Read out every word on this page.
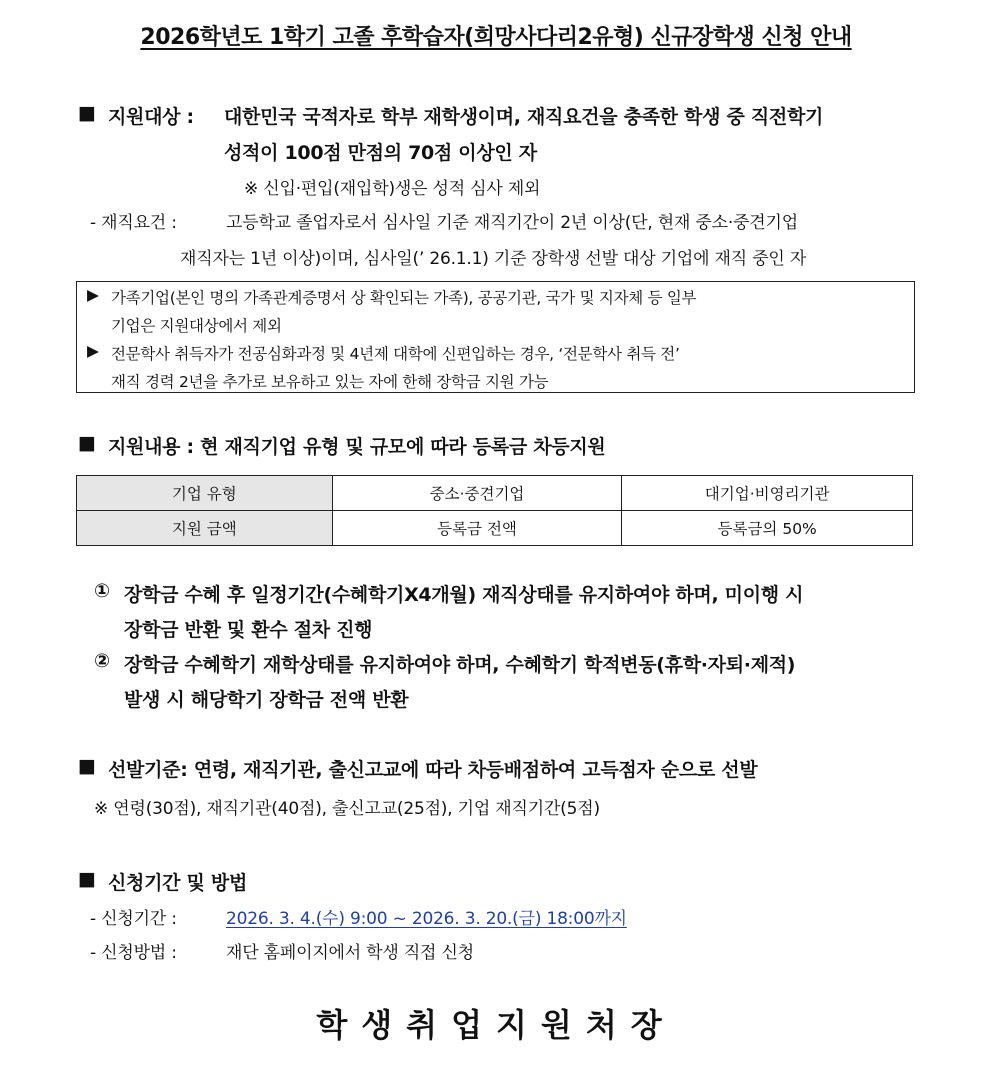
2026학년도 1학기 고졸 후학습자(희망사다리2유형) 신규장학생 신청 안내
■ 지원대상 : 대한민국 국적자로 학부 재학생이며, 재직요건을 충족한 학생 중 직전학기
성적이 100점 만점의 70점 이상인 자
※ 신입·편입(재입학)생은 성적 심사 제외
- 재직요건 :	고등학교 졸업자로서 심사일 기준 재직기간이 2년 이상(단, 현재 중소·중견기업
재직자는 1년 이상)이며, 심사일(’ 26.1.1) 기준 장학생 선발 대상 기업에 재직 중인 자
▶ 가족기업(본인 명의 가족관계증명서 상 확인되는 가족), 공공기관, 국가 및 지자체 등 일부
기업은 지원대상에서 제외
▶ 전문학사 취득자가 전공심화과정 및 4년제 대학에 신편입하는 경우, ‘전문학사 취득 전’
재직 경력 2년을 추가로 보유하고 있는 자에 한해 장학금 지원 가능
■ 지원내용 : 현 재직기업 유형 및 규모에 따라 등록금 차등지원
기업 유형	중소·중견기업	대기업·비영리기관
지원 금액	등록금 전액	등록금의 50%
① 장학금 수혜 후 일정기간(수혜학기X4개월) 재직상태를 유지하여야 하며, 미이행 시
장학금 반환 및 환수 절차 진행
② 장학금 수혜학기 재학상태를 유지하여야 하며, 수혜학기 학적변동(휴학·자퇴·제적)
발생 시 해당학기 장학금 전액 반환
■ 선발기준: 연령, 재직기관, 출신고교에 따라 차등배점하여 고득점자 순으로 선발
※ 연령(30점), 재직기관(40점), 출신고교(25점), 기업 재직기간(5점)
■ 신청기간 및 방법
- 신청기간 :	2026. 3. 4.(수) 9:00 ~ 2026. 3. 20.(금) 18:00까지
- 신청방법 :	재단 홈페이지에서 학생 직접 신청
학생취업지원처장
